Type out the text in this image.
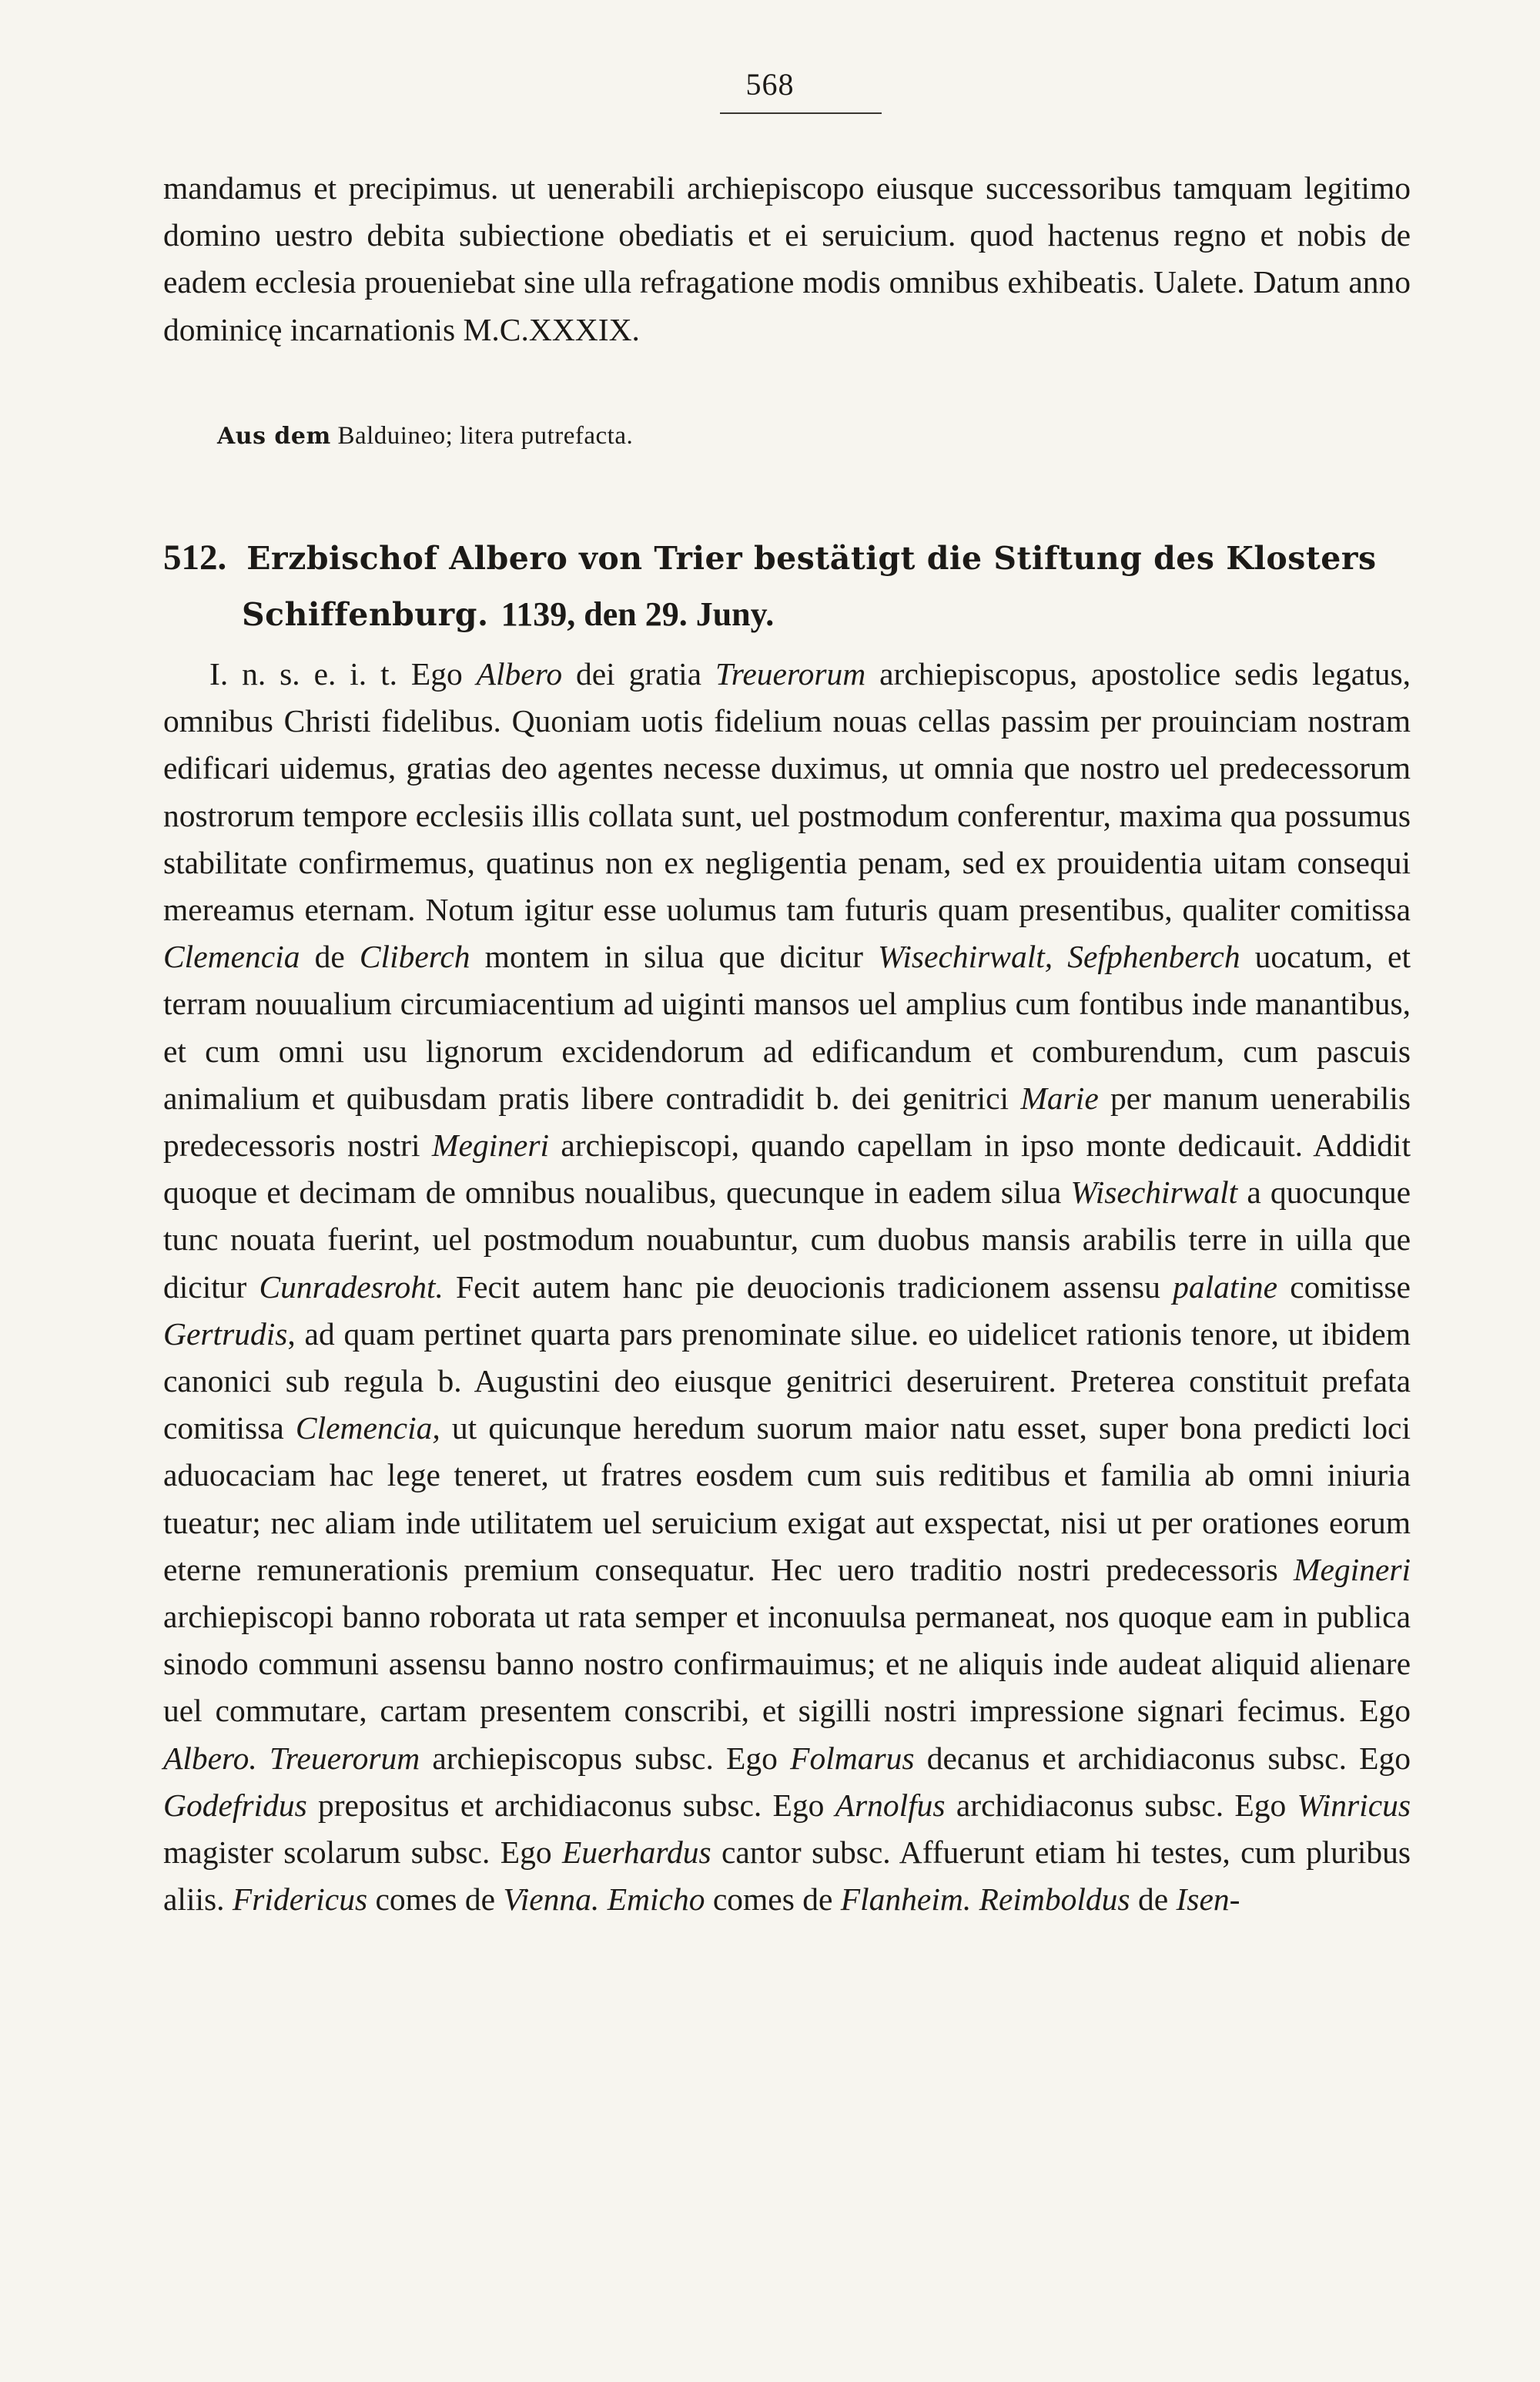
568

mandamus et precipimus. ut uenerabili archiepiscopo eiusque successoribus tamquam legitimo domino uestro debita subiectione obediatis et ei seruicium. quod hactenus regno et nobis de eadem ecclesia proueniebat sine ulla refragatione modis omnibus exhibeatis. Ualete. Datum anno dominicę incarnationis M.C.XXXIX.

Aus dem Balduineo; litera putrefacta.

512. Erzbischof Albero von Trier bestätigt die Stiftung des Klosters
Schiffenburg. 1139, den 29. Juny.

I. n. s. e. i. t. Ego Albero dei gratia Treuerorum archiepiscopus, apostolice sedis legatus, omnibus Christi fidelibus. Quoniam uotis fidelium nouas cellas passim per prouinciam nostram edificari uidemus, gratias deo agentes necesse duximus, ut omnia que nostro uel predecessorum nostrorum tempore ecclesiis illis collata sunt, uel postmodum conferentur, maxima qua possumus stabilitate confirmemus, quatinus non ex negligentia penam, sed ex prouidentia uitam consequi mereamus eternam. Notum igitur esse uolumus tam futuris quam presentibus, qualiter comitissa Clemencia de Cliberch montem in silua que dicitur Wisechirwalt, Sefphenberch uocatum, et terram nouualium circumiacentium ad uiginti mansos uel amplius cum fontibus inde manantibus, et cum omni usu lignorum excidendorum ad edificandum et comburendum, cum pascuis animalium et quibusdam pratis libere contradidit b. dei genitrici Marie per manum uenerabilis predecessoris nostri Megineri archiepiscopi, quando capellam in ipso monte dedicauit. Addidit quoque et decimam de omnibus noualibus, quecunque in eadem silua Wisechirwalt a quocunque tunc nouata fuerint, uel postmodum nouabuntur, cum duobus mansis arabilis terre in uilla que dicitur Cunradesroht. Fecit autem hanc pie deuocionis tradicionem assensu palatine comitisse Gertrudis, ad quam pertinet quarta pars prenominate silue. eo uidelicet rationis tenore, ut ibidem canonici sub regula b. Augustini deo eiusque genitrici deseruirent. Preterea constituit prefata comitissa Clemencia, ut quicunque heredum suorum maior natu esset, super bona predicti loci aduocaciam hac lege teneret, ut fratres eosdem cum suis reditibus et familia ab omni iniuria tueatur; nec aliam inde utilitatem uel seruicium exigat aut exspectat, nisi ut per orationes eorum eterne remunerationis premium consequatur. Hec uero traditio nostri predecessoris Megineri archiepiscopi banno roborata ut rata semper et inconuulsa permaneat, nos quoque eam in publica sinodo communi assensu banno nostro confirmauimus; et ne aliquis inde audeat aliquid alienare uel commutare, cartam presentem conscribi, et sigilli nostri impressione signari fecimus. Ego Albero. Treuerorum archiepiscopus subsc. Ego Folmarus decanus et archidiaconus subsc. Ego Godefridus prepositus et archidiaconus subsc. Ego Arnolfus archidiaconus subsc. Ego Winricus magister scolarum subsc. Ego Euerhardus cantor subsc. Affuerunt etiam hi testes, cum pluribus aliis. Fridericus comes de Vienna. Emicho comes de Flanheim. Reimboldus de Isen-
